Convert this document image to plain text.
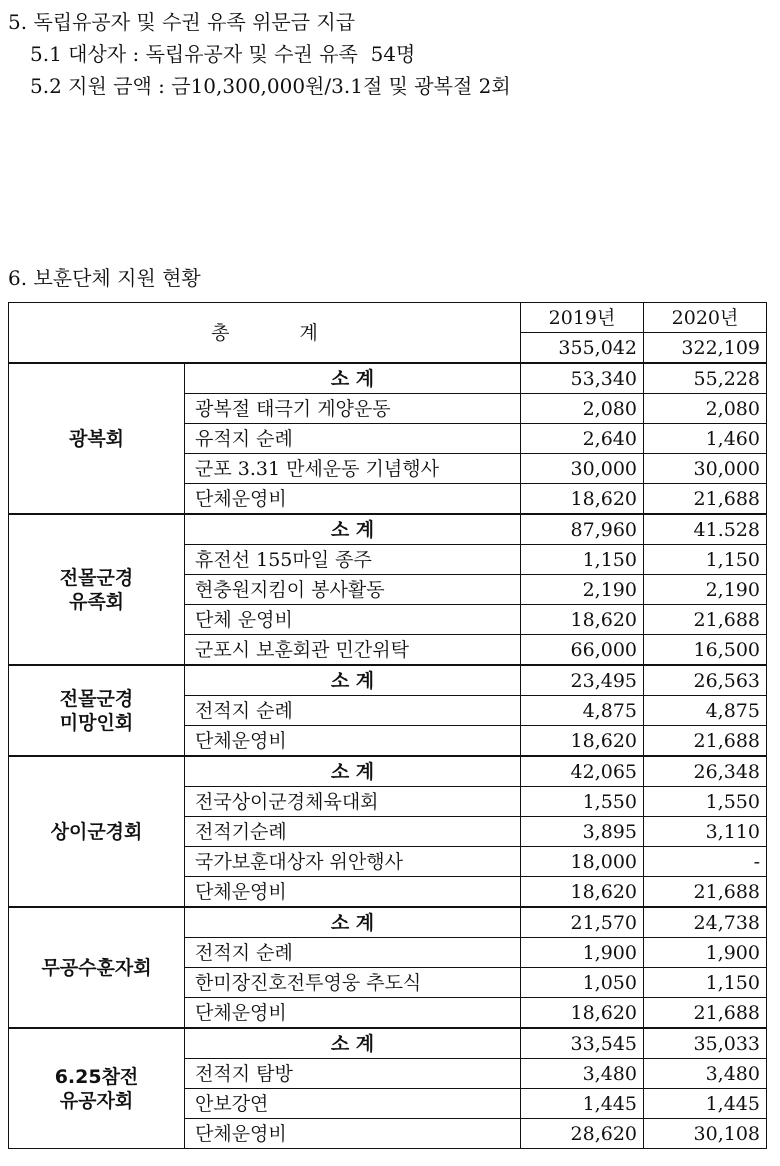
5. 독립유공자 및 수권 유족 위문금 지급
5.1 대상자 : 독립유공자 및 수권 유족  54명
5.2 지원 금액 : 금10,300,000원/3.1절 및 광복절 2회
6. 보훈단체 지원 현황
총 계		2019년	2020년
		355,042	322,109

광복회	소 계	53,340	55,228
	광복절 태극기 게양운동	2,080	2,080
	유적지 순례	2,640	1,460
	군포 3.31 만세운동 기념행사	30,000	30,000
	단체운영비	18,620	21,688

전몰군경
유족회	소 계	87,960	41.528
	휴전선 155마일 종주	1,150	1,150
	현충원지킴이 봉사활동	2,190	2,190
	단체 운영비	18,620	21,688
	군포시 보훈회관 민간위탁	66,000	16,500

전몰군경
미망인회	소 계	23,495	26,563
	전적지 순례	4,875	4,875
	단체운영비	18,620	21,688

상이군경회	소 계	42,065	26,348
	전국상이군경체육대회	1,550	1,550
	전적기순례	3,895	3,110
	국가보훈대상자 위안행사	18,000	-
	단체운영비	18,620	21,688

무공수훈자회	소 계	21,570	24,738
	전적지 순례	1,900	1,900
	한미장진호전투영웅 추도식	1,050	1,150
	단체운영비	18,620	21,688

6.25참전
유공자회	소 계	33,545	35,033
	전적지 탐방	3,480	3,480
	안보강연	1,445	1,445
	단체운영비	28,620	30,108
